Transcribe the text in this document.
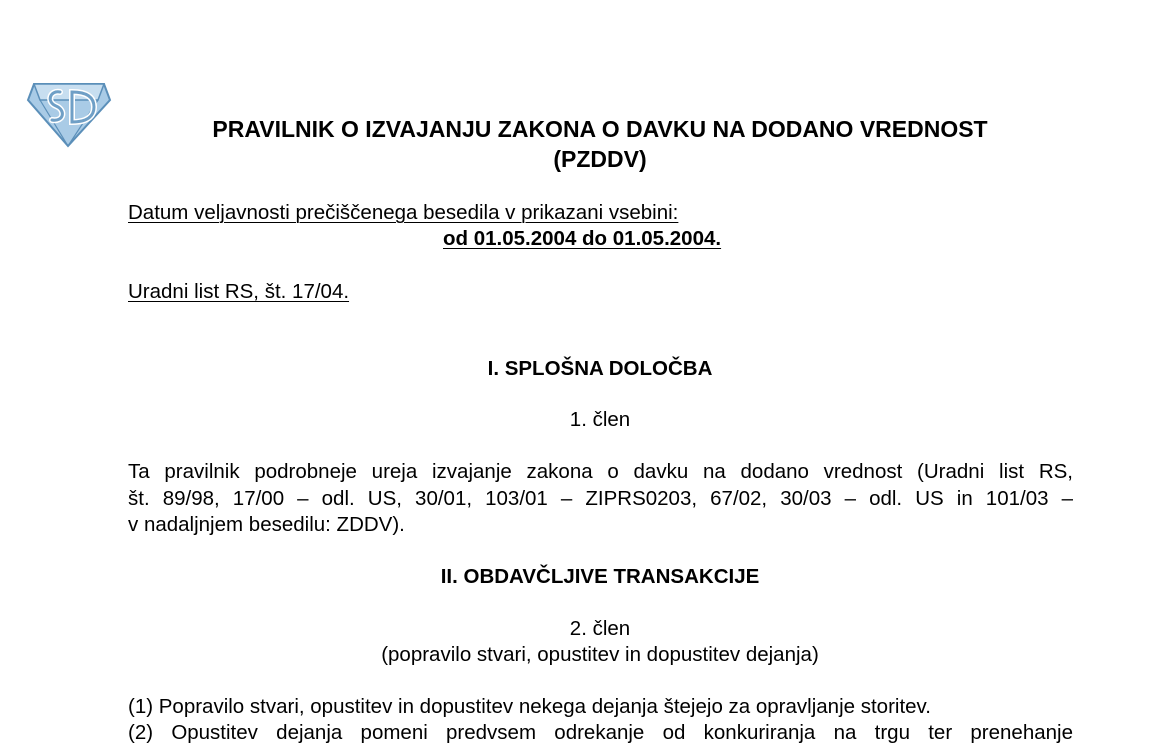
PRAVILNIK O IZVAJANJU ZAKONA O DAVKU NA DODANO VREDNOST
(PZDDV)
Datum veljavnosti prečiščenega besedila v prikazani vsebini:
od 01.05.2004 do 01.05.2004.
Uradni list RS, št. 17/04.
I. SPLOŠNA DOLOČBA
1. člen
Ta pravilnik podrobneje ureja izvajanje zakona o davku na dodano vrednost (Uradni list RS,
št. 89/98, 17/00 – odl. US, 30/01, 103/01 – ZIPRS0203, 67/02, 30/03 – odl. US in 101/03 –
v nadaljnjem besedilu: ZDDV).
II. OBDAVČLJIVE TRANSAKCIJE
2. člen
(popravilo stvari, opustitev in dopustitev dejanja)
(1) Popravilo stvari, opustitev in dopustitev nekega dejanja štejejo za opravljanje storitev.
(2) Opustitev dejanja pomeni predvsem odrekanje od konkuriranja na trgu ter prenehanje
